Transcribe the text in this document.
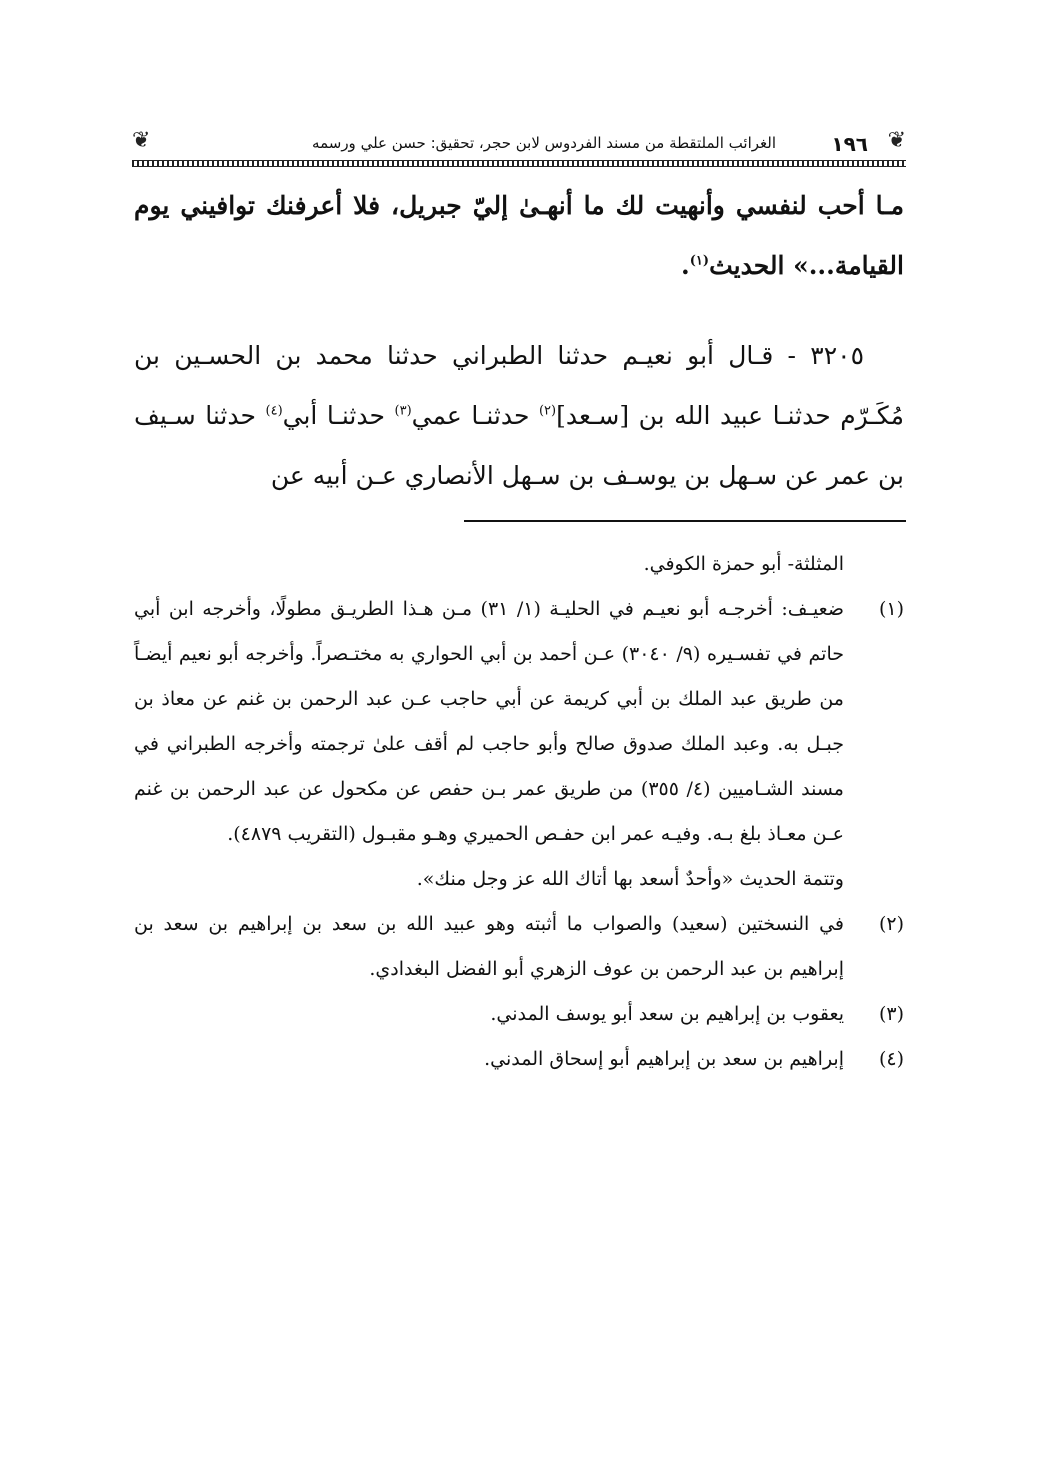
❦
١٩٦
الغرائب الملتقطة من مسند الفردوس لابن حجر، تحقيق: حسن علي ورسمه
❦
مـا أحب لنفسي وأنهيت لك ما أنهـىٰ إليّ جبريل، فلا أعرفنك توافيني يوم القيامة...» الحديث$^{(١)}$.
٣٢٠٥ - قـال أبو نعيـم حدثنا الطبراني حدثنا محمد بن الحسـين بن مُكَـرّم حدثنـا عبيد الله بن [سـعد]$^{(٢)}$ حدثنـا عمي$^{(٣)}$ حدثنـا أبي$^{(٤)}$ حدثنا سـيف بن عمر عن سـهل بن يوسـف بن سـهل الأنصاري عـن أبيه عن
المثلثة- أبو حمزة الكوفي.
(١)
ضعيـف: أخرجـه أبو نعيـم في الحليـة (١/ ٣١) مـن هـذا الطريـق مطولًا، وأخرجه ابن أبي حاتم في تفسـيره (٩/ ٣٠٤٠) عـن أحمد بن أبي الحواري به مختـصراً. وأخرجه أبو نعيم أيضـاً من طريق عبد الملك بن أبي كريمة عن أبي حاجب عـن عبد الرحمن بن غنم عن معاذ بن جبـل به. وعبد الملك صدوق صالح وأبو حاجب لم أقف علىٰ ترجمته وأخرجه الطبراني في مسند الشـاميين (٤/ ٣٥٥) من طريق عمر بـن حفص عن مكحول عن عبد الرحمن بن غنم عـن معـاذ بلغ بـه. وفيـه عمر ابن حفـص الحميري وهـو مقبـول (التقريب ٤٨٧٩).
وتتمة الحديث «وأحدٌ أسعد بها أتاك الله عز وجل منك».
(٢)
في النسختين (سعيد) والصواب ما أثبته وهو عبيد الله بن سعد بن إبراهيم بن سعد بن إبراهيم بن عبد الرحمن بن عوف الزهري أبو الفضل البغدادي.
(٣)
يعقوب بن إبراهيم بن سعد أبو يوسف المدني.
(٤)
إبراهيم بن سعد بن إبراهيم أبو إسحاق المدني.
